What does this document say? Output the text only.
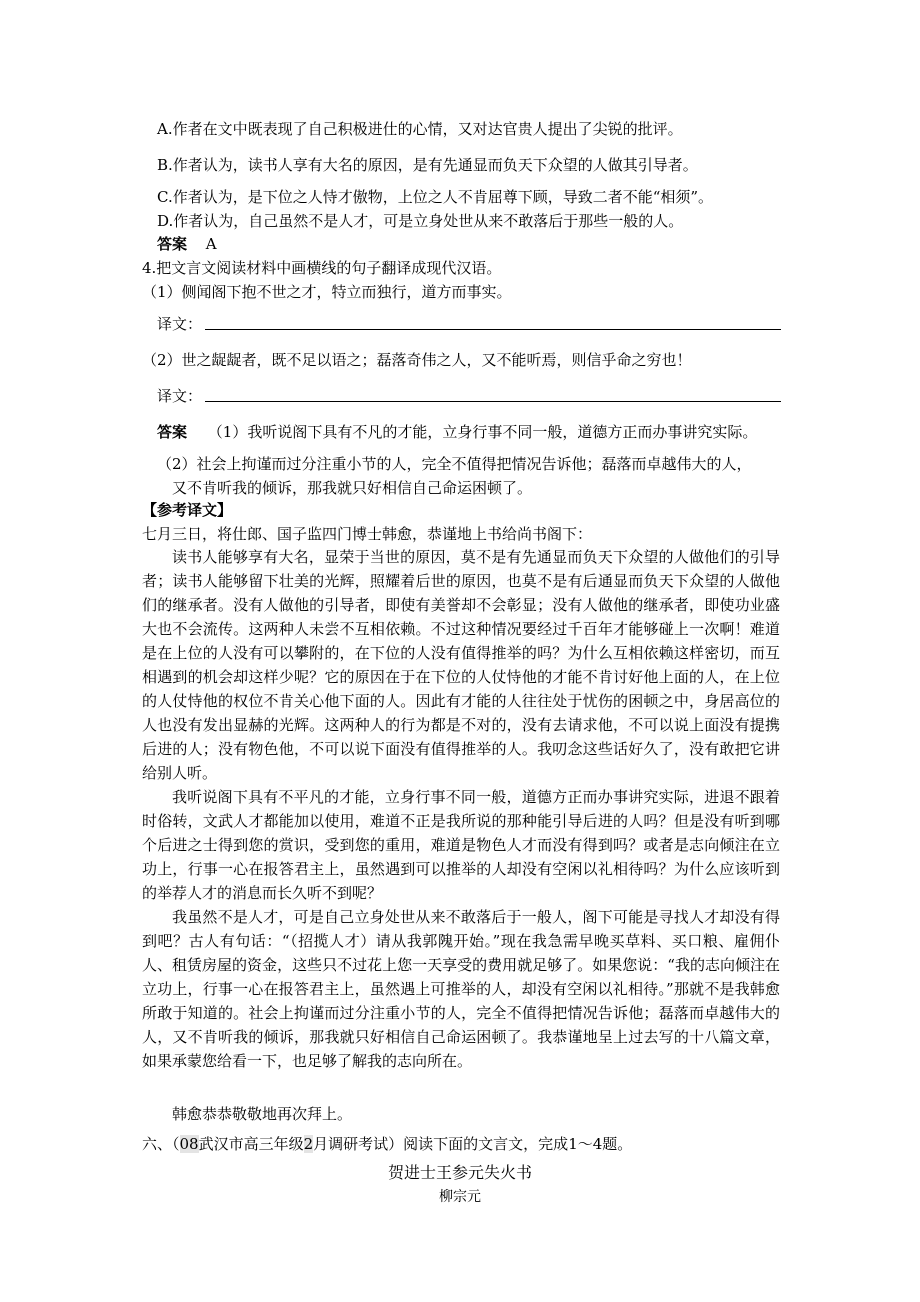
A.作者在文中既表现了自己积极进仕的心情，又对达官贵人提出了尖锐的批评。
B.作者认为，读书人享有大名的原因，是有先通显而负天下众望的人做其引导者。
C.作者认为，是下位之人恃才傲物，上位之人不肯屈尊下顾，导致二者不能“相须”。
D.作者认为，自己虽然不是人才，可是立身处世从来不敢落后于那些一般的人。
答案 A
4.把文言文阅读材料中画横线的句子翻译成现代汉语。
（1）侧闻阁下抱不世之才，特立而独行，道方而事实。
译文：
（2）世之龊龊者，既不足以语之；磊落奇伟之人，又不能听焉，则信乎命之穷也！
译文：
答案 （1）我听说阁下具有不凡的才能，立身行事不同一般，道德方正而办事讲究实际。
（2）社会上拘谨而过分注重小节的人，完全不值得把情况告诉他；磊落而卓越伟大的人，
又不肯听我的倾诉，那我就只好相信自己命运困顿了。
【参考译文】
七月三日，将仕郎、国子监四门博士韩愈，恭谨地上书给尚书阁下：
读书人能够享有大名，显荣于当世的原因，莫不是有先通显而负天下众望的人做他们的引导者；读书人能够留下壮美的光辉，照耀着后世的原因，也莫不是有后通显而负天下众望的人做他们的继承者。没有人做他的引导者，即使有美誉却不会彰显；没有人做他的继承者，即使功业盛大也不会流传。这两种人未尝不互相依赖。不过这种情况要经过千百年才能够碰上一次啊！难道是在上位的人没有可以攀附的，在下位的人没有值得推举的吗？为什么互相依赖这样密切，而互相遇到的机会却这样少呢？它的原因在于在下位的人仗恃他的才能不肯讨好他上面的人，在上位的人仗恃他的权位不肯关心他下面的人。因此有才能的人往往处于忧伤的困顿之中，身居高位的人也没有发出显赫的光辉。这两种人的行为都是不对的，没有去请求他，不可以说上面没有提携后进的人；没有物色他，不可以说下面没有值得推举的人。我叨念这些话好久了，没有敢把它讲给别人听。
我听说阁下具有不平凡的才能，立身行事不同一般，道德方正而办事讲究实际，进退不跟着时俗转，文武人才都能加以使用，难道不正是我所说的那种能引导后进的人吗？但是没有听到哪个后进之士得到您的赏识，受到您的重用，难道是物色人才而没有得到吗？或者是志向倾注在立功上，行事一心在报答君主上，虽然遇到可以推举的人却没有空闲以礼相待吗？为什么应该听到的举荐人才的消息而长久听不到呢？
我虽然不是人才，可是自己立身处世从来不敢落后于一般人，阁下可能是寻找人才却没有得到吧？古人有句话：“（招揽人才）请从我郭隗开始。”现在我急需早晚买草料、买口粮、雇佣仆人、租赁房屋的资金，这些只不过花上您一天享受的费用就足够了。如果您说：“我的志向倾注在立功上，行事一心在报答君主上，虽然遇上可推举的人，却没有空闲以礼相待。”那就不是我韩愈所敢于知道的。社会上拘谨而过分注重小节的人，完全不值得把情况告诉他；磊落而卓越伟大的人，又不肯听我的倾诉，那我就只好相信自己命运困顿了。我恭谨地呈上过去写的十八篇文章，如果承蒙您给看一下，也足够了解我的志向所在。
韩愈恭恭敬敬地再次拜上。
六、（08武汉市高三年级2月调研考试）阅读下面的文言文，完成1～4题。
贺进士王参元失火书
柳宗元
